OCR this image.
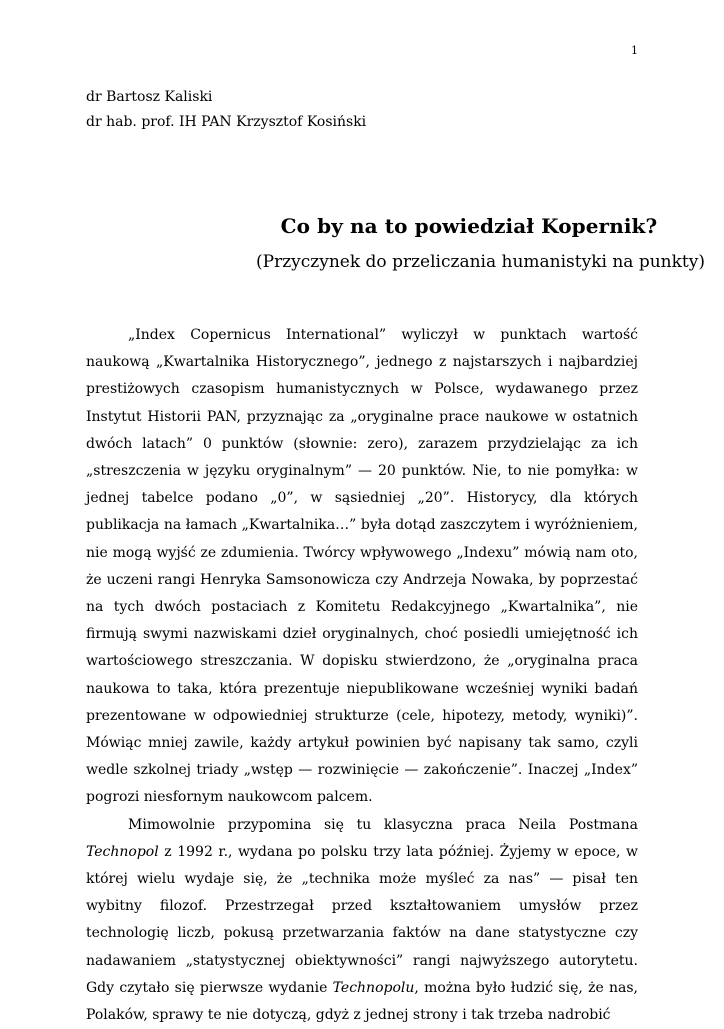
1
dr Bartosz Kaliski
dr hab. prof. IH PAN Krzysztof Kosiński
Co by na to powiedział Kopernik?
(Przyczynek do przeliczania humanistyki na punkty)

„Index Copernicus International” wyliczył w punktach wartość naukową „Kwartalnika Historycznego”, jednego z najstarszych i najbardziej prestiżowych czasopism humanistycznych w Polsce, wydawanego przez Instytut Historii PAN, przyznając za „oryginalne prace naukowe w ostatnich dwóch latach” 0 punktów (słownie: zero), zarazem przydzielając za ich „streszczenia w języku oryginalnym” — 20 punktów. Nie, to nie pomyłka: w jednej tabelce podano „0”, w sąsiedniej „20”. Historycy, dla których publikacja na łamach „Kwartalnika…” była dotąd zaszczytem i wyróżnieniem, nie mogą wyjść ze zdumienia. Twórcy wpływowego „Indexu” mówią nam oto, że uczeni rangi Henryka Samsonowicza czy Andrzeja Nowaka, by poprzestać na tych dwóch postaciach z Komitetu Redakcyjnego „Kwartalnika”, nie firmują swymi nazwiskami dzieł oryginalnych, choć posiedli umiejętność ich wartościowego streszczania. W dopisku stwierdzono, że „oryginalna praca naukowa to taka, która prezentuje niepublikowane wcześniej wyniki badań prezentowane w odpowiedniej strukturze (cele, hipotezy, metody, wyniki)”. Mówiąc mniej zawile, każdy artykuł powinien być napisany tak samo, czyli wedle szkolnej triady „wstęp — rozwinięcie — zakończenie”. Inaczej „Index” pogrozi niesfornym naukowcom palcem.

Mimowolnie przypomina się tu klasyczna praca Neila Postmana Technopol z 1992 r., wydana po polsku trzy lata później. Żyjemy w epoce, w której wielu wydaje się, że „technika może myśleć za nas” — pisał ten wybitny filozof. Przestrzegał przed kształtowaniem umysłów przez technologię liczb, pokusą przetwarzania faktów na dane statystyczne czy nadawaniem „statystycznej obiektywności” rangi najwyższego autorytetu. Gdy czytało się pierwsze wydanie Technopolu, można było łudzić się, że nas, Polaków, sprawy te nie dotyczą, gdyż z jednej strony i tak trzeba nadrobić
